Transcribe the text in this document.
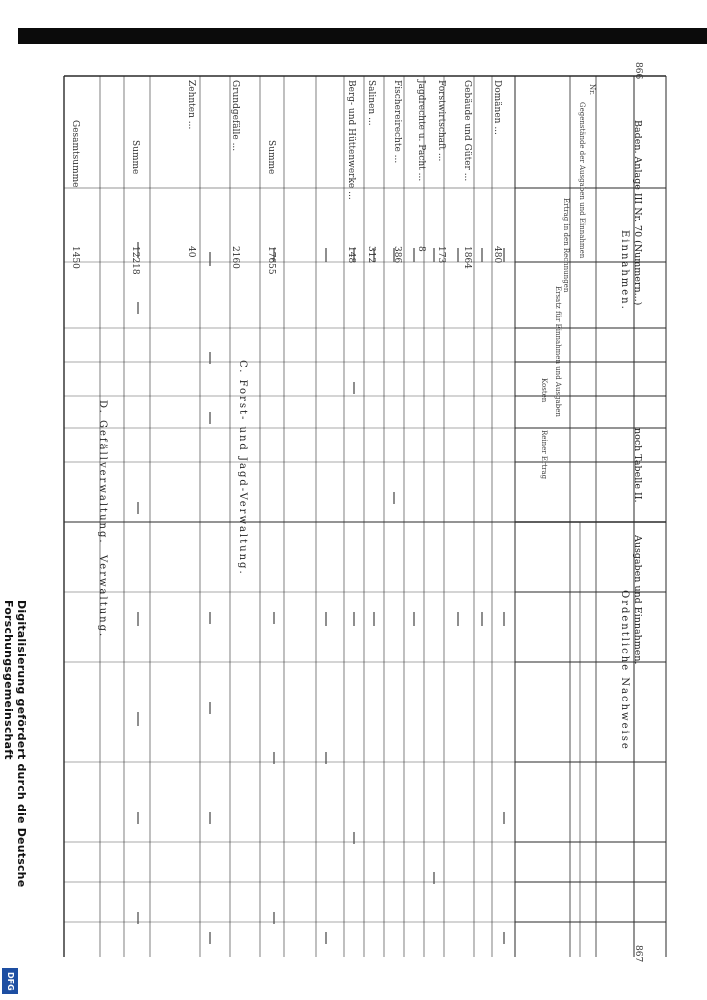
Digitalisierung gefördert durch die Deutsche Forschungsgemeinschaft
DFG
866
Baden. Anlage III Nr. 70 (Nummern...)
noch Tabelle II.
Ausgaben und Einnahmen.
867
Einnahmen.
Ordentliche Nachweise
C. Forst- und Jagd-Verwaltung.
D. Gefällverwaltung.
Verwaltung.
Nr.
Gegenstände der Ausgaben und Einnahmen
Ertrag in den Rechnungen
Ersatz für Einnahmen und Ausgaben
Kosten
Reiner Ertrag
Domänen ...
Gebäude und Güter ...
Forstwirtschaft ...
Jagdrechte u. Pacht ...
Fischereirechte ...
Salinen ...
Berg- und Hüttenwerke ...
Summe
Grundgefälle ...
Zehnten ...
Summe
Gesamtsumme
480
1864
173
8
386
312
148
17655
2160
40
12218
1450
